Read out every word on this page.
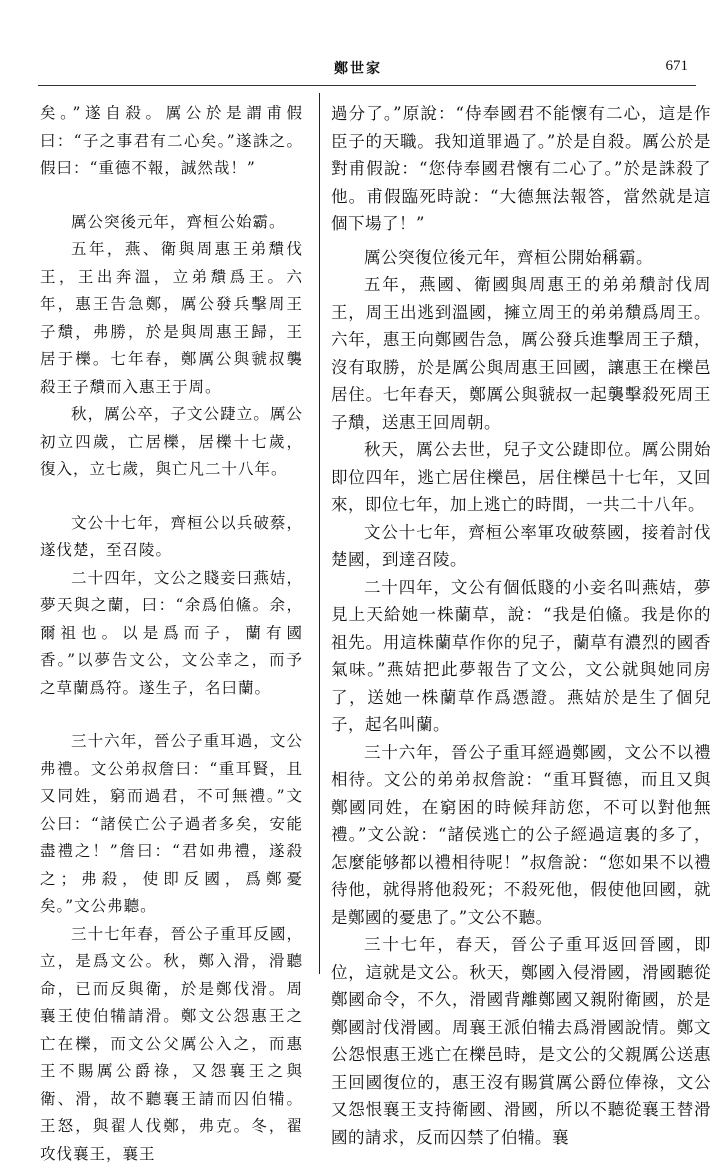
鄭世家	671

矣。”遂自殺。厲公於是謂甫假曰：“子之事君有二心矣。”遂誅之。假曰：“重德不報，誠然哉！”

厲公突後元年，齊桓公始霸。

五年，燕、衛與周惠王弟穨伐王，王出奔溫，立弟穨爲王。六年，惠王告急鄭，厲公發兵擊周王子穨，弗勝，於是與周惠王歸，王居于櫟。七年春，鄭厲公與虢叔襲殺王子穨而入惠王于周。

秋，厲公卒，子文公踕立。厲公初立四歲，亡居櫟，居櫟十七歲，復入，立七歲，與亡凡二十八年。

文公十七年，齊桓公以兵破蔡，遂伐楚，至召陵。

二十四年，文公之賤妾曰燕姞，夢天與之蘭，曰：“余爲伯鯈。余，爾祖也。以是爲而子，蘭有國香。”以夢告文公，文公幸之，而予之草蘭爲符。遂生子，名曰蘭。

三十六年，晉公子重耳過，文公弗禮。文公弟叔詹曰：“重耳賢，且又同姓，窮而過君，不可無禮。”文公曰：“諸侯亡公子過者多矣，安能盡禮之！”詹曰：“君如弗禮，遂殺之；弗殺，使即反國，爲鄭憂矣。”文公弗聽。

三十七年春，晉公子重耳反國，立，是爲文公。秋，鄭入滑，滑聽命，已而反與衛，於是鄭伐滑。周襄王使伯犕請滑。鄭文公怨惠王之亡在櫟，而文公父厲公入之，而惠王不賜厲公爵祿，又怨襄王之與衛、滑，故不聽襄王請而囚伯犕。王怒，與翟人伐鄭，弗克。冬，翟攻伐襄王，襄王

過分了。”原說：“侍奉國君不能懷有二心，這是作臣子的天職。我知道罪過了。”於是自殺。厲公於是對甫假說：“您侍奉國君懷有二心了。”於是誅殺了他。甫假臨死時說：“大德無法報答，當然就是這個下場了！”

厲公突復位後元年，齊桓公開始稱霸。

五年，燕國、衛國與周惠王的弟弟穨討伐周王，周王出逃到溫國，擁立周王的弟弟穨爲周王。六年，惠王向鄭國告急，厲公發兵進擊周王子穨，沒有取勝，於是厲公與周惠王回國，讓惠王在櫟邑居住。七年春天，鄭厲公與虢叔一起襲擊殺死周王子穨，送惠王回周朝。

秋天，厲公去世，兒子文公踕即位。厲公開始即位四年，逃亡居住櫟邑，居住櫟邑十七年，又回來，即位七年，加上逃亡的時間，一共二十八年。

文公十七年，齊桓公率軍攻破蔡國，接着討伐楚國，到達召陵。

二十四年，文公有個低賤的小妾名叫燕姞，夢見上天給她一株蘭草，說：“我是伯鯈。我是你的祖先。用這株蘭草作你的兒子，蘭草有濃烈的國香氣味。”燕姞把此夢報告了文公，文公就與她同房了，送她一株蘭草作爲憑證。燕姞於是生了個兒子，起名叫蘭。

三十六年，晉公子重耳經過鄭國，文公不以禮相待。文公的弟弟叔詹說：“重耳賢德，而且又與鄭國同姓，在窮困的時候拜訪您，不可以對他無禮。”文公說：“諸侯逃亡的公子經過這裏的多了，怎麼能够都以禮相待呢！”叔詹說：“您如果不以禮待他，就得將他殺死；不殺死他，假使他回國，就是鄭國的憂患了。”文公不聽。

三十七年，春天，晉公子重耳返回晉國，即位，這就是文公。秋天，鄭國入侵滑國，滑國聽從鄭國命令，不久，滑國背離鄭國又親附衛國，於是鄭國討伐滑國。周襄王派伯犕去爲滑國說情。鄭文公怨恨惠王逃亡在櫟邑時，是文公的父親厲公送惠王回國復位的，惠王沒有賜賞厲公爵位俸祿，文公又怨恨襄王支持衛國、滑國，所以不聽從襄王替滑國的請求，反而囚禁了伯犕。襄
